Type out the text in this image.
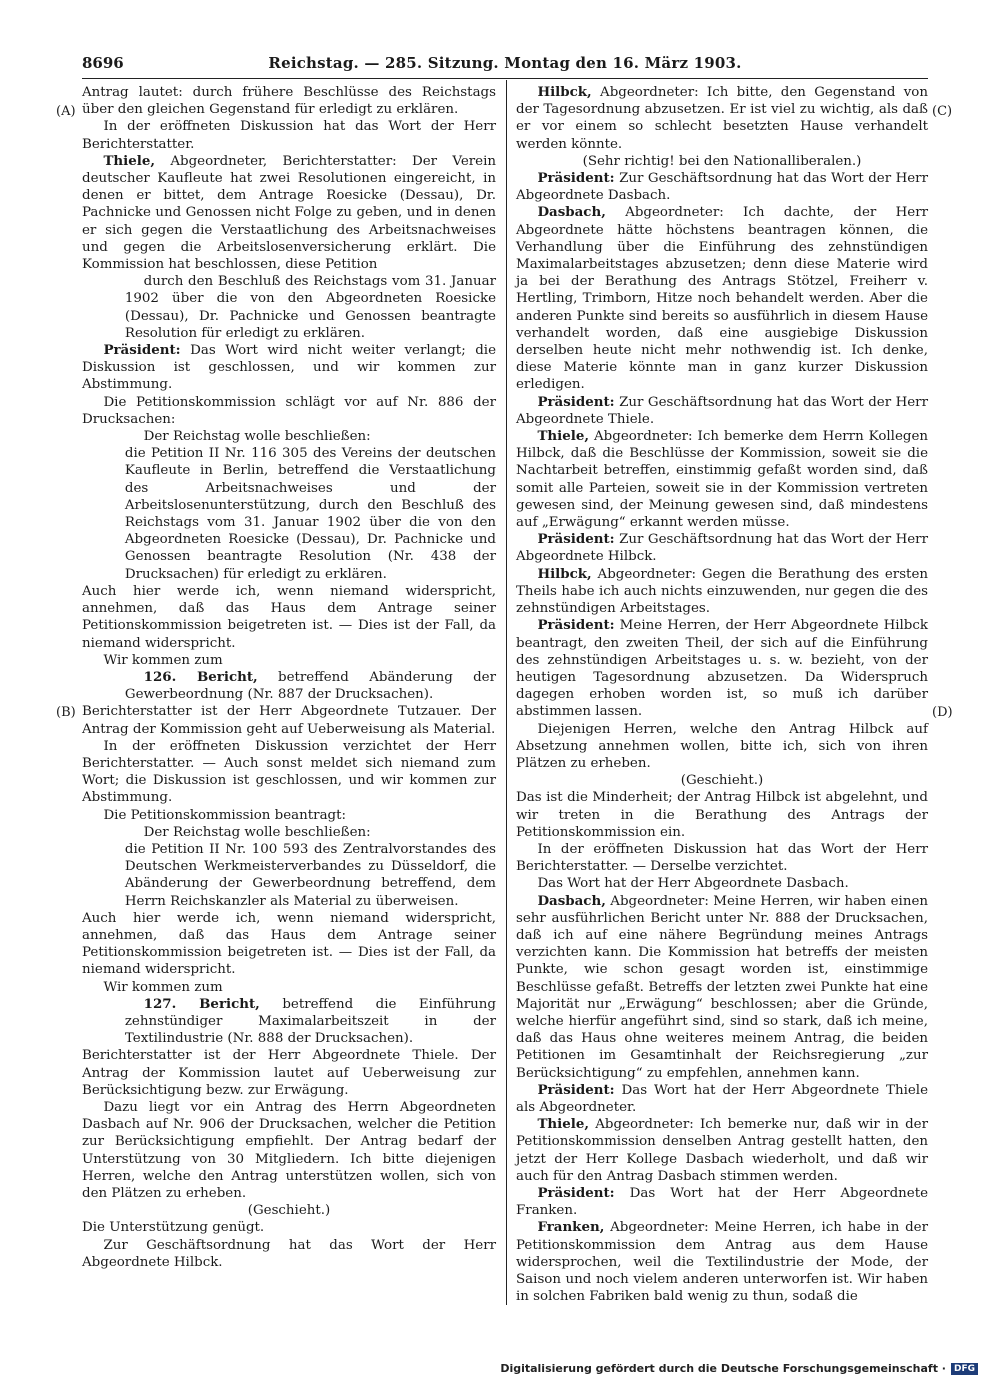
8696	Reichstag. — 285. Sitzung. Montag den 16. März 1903.
(A)
(B)
(C)
(D)

Antrag lautet: durch frühere Beschlüsse des Reichstags über den gleichen Gegenstand für erledigt zu erklären.

In der eröffneten Diskussion hat das Wort der Herr Berichterstatter.

Thiele, Abgeordneter, Berichterstatter: Der Verein deutscher Kaufleute hat zwei Resolutionen eingereicht, in denen er bittet, dem Antrage Roesicke (Dessau), Dr. Pachnicke und Genossen nicht Folge zu geben, und in denen er sich gegen die Verstaatlichung des Arbeitsnachweises und gegen die Arbeitslosenversicherung erklärt. Die Kommission hat beschlossen, diese Petition

durch den Beschluß des Reichstags vom 31. Januar 1902 über die von den Abgeordneten Roesicke (Dessau), Dr. Pachnicke und Genossen beantragte Resolution für erledigt zu erklären.

Präsident: Das Wort wird nicht weiter verlangt; die Diskussion ist geschlossen, und wir kommen zur Abstimmung.

Die Petitionskommission schlägt vor auf Nr. 886 der Drucksachen:

Der Reichstag wolle beschließen:

die Petition II Nr. 116 305 des Vereins der deutschen Kaufleute in Berlin, betreffend die Verstaatlichung des Arbeitsnachweises und der Arbeitslosenunterstützung, durch den Beschluß des Reichstags vom 31. Januar 1902 über die von den Abgeordneten Roesicke (Dessau), Dr. Pachnicke und Genossen beantragte Resolution (Nr. 438 der Drucksachen) für erledigt zu erklären.

Auch hier werde ich, wenn niemand widerspricht, annehmen, daß das Haus dem Antrage seiner Petitionskommission beigetreten ist. — Dies ist der Fall, da niemand widerspricht.

Wir kommen zum

126. Bericht, betreffend Abänderung der Gewerbeordnung (Nr. 887 der Drucksachen).

Berichterstatter ist der Herr Abgeordnete Tutzauer. Der Antrag der Kommission geht auf Ueberweisung als Material.

In der eröffneten Diskussion verzichtet der Herr Berichterstatter. — Auch sonst meldet sich niemand zum Wort; die Diskussion ist geschlossen, und wir kommen zur Abstimmung.

Die Petitionskommission beantragt:

Der Reichstag wolle beschließen:

die Petition II Nr. 100 593 des Zentralvorstandes des Deutschen Werkmeisterverbandes zu Düsseldorf, die Abänderung der Gewerbeordnung betreffend, dem Herrn Reichskanzler als Material zu überweisen.

Auch hier werde ich, wenn niemand widerspricht, annehmen, daß das Haus dem Antrage seiner Petitionskommission beigetreten ist. — Dies ist der Fall, da niemand widerspricht.

Wir kommen zum

127. Bericht, betreffend die Einführung zehnstündiger Maximalarbeitszeit in der Textilindustrie (Nr. 888 der Drucksachen).

Berichterstatter ist der Herr Abgeordnete Thiele. Der Antrag der Kommission lautet auf Ueberweisung zur Berücksichtigung bezw. zur Erwägung.

Dazu liegt vor ein Antrag des Herrn Abgeordneten Dasbach auf Nr. 906 der Drucksachen, welcher die Petition zur Berücksichtigung empfiehlt. Der Antrag bedarf der Unterstützung von 30 Mitgliedern. Ich bitte diejenigen Herren, welche den Antrag unterstützen wollen, sich von den Plätzen zu erheben.

(Geschieht.)

Die Unterstützung genügt.

Zur Geschäftsordnung hat das Wort der Herr Abgeordnete Hilbck.

Hilbck, Abgeordneter: Ich bitte, den Gegenstand von der Tagesordnung abzusetzen. Er ist viel zu wichtig, als daß er vor einem so schlecht besetzten Hause verhandelt werden könnte.

(Sehr richtig! bei den Nationalliberalen.)

Präsident: Zur Geschäftsordnung hat das Wort der Herr Abgeordnete Dasbach.

Dasbach, Abgeordneter: Ich dachte, der Herr Abgeordnete hätte höchstens beantragen können, die Verhandlung über die Einführung des zehnstündigen Maximalarbeitstages abzusetzen; denn diese Materie wird ja bei der Berathung des Antrags Stötzel, Freiherr v. Hertling, Trimborn, Hitze noch behandelt werden. Aber die anderen Punkte sind bereits so ausführlich in diesem Hause verhandelt worden, daß eine ausgiebige Diskussion derselben heute nicht mehr nothwendig ist. Ich denke, diese Materie könnte man in ganz kurzer Diskussion erledigen.

Präsident: Zur Geschäftsordnung hat das Wort der Herr Abgeordnete Thiele.

Thiele, Abgeordneter: Ich bemerke dem Herrn Kollegen Hilbck, daß die Beschlüsse der Kommission, soweit sie die Nachtarbeit betreffen, einstimmig gefaßt worden sind, daß somit alle Parteien, soweit sie in der Kommission vertreten gewesen sind, der Meinung gewesen sind, daß mindestens auf „Erwägung“ erkannt werden müsse.

Präsident: Zur Geschäftsordnung hat das Wort der Herr Abgeordnete Hilbck.

Hilbck, Abgeordneter: Gegen die Berathung des ersten Theils habe ich auch nichts einzuwenden, nur gegen die des zehnstündigen Arbeitstages.

Präsident: Meine Herren, der Herr Abgeordnete Hilbck beantragt, den zweiten Theil, der sich auf die Einführung des zehnstündigen Arbeitstages u. s. w. bezieht, von der heutigen Tagesordnung abzusetzen. Da Widerspruch dagegen erhoben worden ist, so muß ich darüber abstimmen lassen.

Diejenigen Herren, welche den Antrag Hilbck auf Absetzung annehmen wollen, bitte ich, sich von ihren Plätzen zu erheben.

(Geschieht.)

Das ist die Minderheit; der Antrag Hilbck ist abgelehnt, und wir treten in die Berathung des Antrags der Petitionskommission ein.

In der eröffneten Diskussion hat das Wort der Herr Berichterstatter. — Derselbe verzichtet.

Das Wort hat der Herr Abgeordnete Dasbach.

Dasbach, Abgeordneter: Meine Herren, wir haben einen sehr ausführlichen Bericht unter Nr. 888 der Drucksachen, daß ich auf eine nähere Begründung meines Antrags verzichten kann. Die Kommission hat betreffs der meisten Punkte, wie schon gesagt worden ist, einstimmige Beschlüsse gefaßt. Betreffs der letzten zwei Punkte hat eine Majorität nur „Erwägung“ beschlossen; aber die Gründe, welche hierfür angeführt sind, sind so stark, daß ich meine, daß das Haus ohne weiteres meinem Antrag, die beiden Petitionen im Gesamtinhalt der Reichsregierung „zur Berücksichtigung“ zu empfehlen, annehmen kann.

Präsident: Das Wort hat der Herr Abgeordnete Thiele als Abgeordneter.

Thiele, Abgeordneter: Ich bemerke nur, daß wir in der Petitionskommission denselben Antrag gestellt hatten, den jetzt der Herr Kollege Dasbach wiederholt, und daß wir auch für den Antrag Dasbach stimmen werden.

Präsident: Das Wort hat der Herr Abgeordnete Franken.

Franken, Abgeordneter: Meine Herren, ich habe in der Petitionskommission dem Antrag aus dem Hause widersprochen, weil die Textilindustrie der Mode, der Saison und noch vielem anderen unterworfen ist. Wir haben in solchen Fabriken bald wenig zu thun, sodaß die

Digitalisierung gefördert durch die Deutsche Forschungsgemeinschaft · DFG
